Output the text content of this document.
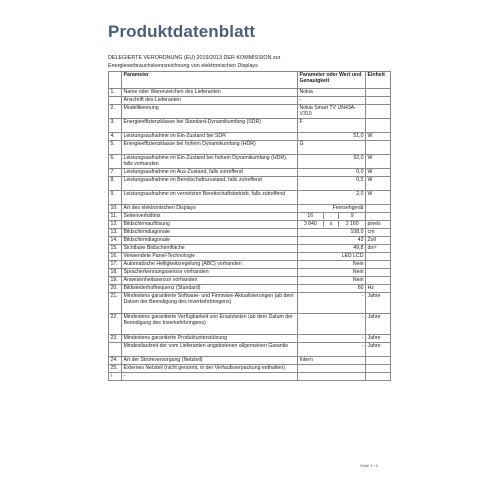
Produktdatenblatt
DELEGIERTE VERORDNUNG (EU) 2019/2013 DER KOMMISSION zur
Energieverbrauchskennzeichnung von elektronischen Displays
	Parameter	Parameter oder Wert und Genauigkeit	Einheit
1.	Name oder Warenzeichen des Lieferanten	Nokia	
	Anschrift des Lieferanten	-	
2.	Modellkennung	Nokia Smart TV UN43A-V310	
3.	Energieeffizienzklasse bei Standard-Dynamikumfang (SDR)	F	
4.	Leistungsaufnahme im Ein-Zustand bei SDR	51,0	W
5.	Energieeffizienzklasse bei hohem Dynamikumfang (HDR)	G	
6.	Leistungsaufnahme im Ein-Zustand bei hohem Dynamikumfang (HDR), falls vorhanden	92,0	W
7.	Leistungsaufnahme im Aus-Zustand, falls zutreffend	0,0	W
8.	Leistungsaufnahme im Bereitschaftszustand, falls zutreffend	0,5	W
9.	Leistungsaufnahme im vernetzten Bereitschaftsbetrieb, falls zutreffend	2,0	W
10.	Art des elektronischen Displays	Fernsehgerät	
11.	Seitenverhältnis	16 : 9	

12.	Bildschirmauflösung	3 840 x 2 160	pixels
13.	Bildschirmdiagonale	108,0	cm
14.	Bildschirmdiagonale	43	Zoll
15.	Sichtbare Bildschirmfläche	49,8	dm²
16.	Verwendete Panel-Technologie	LED LCD	
17.	Automatische Helligkeitsregelung (ABC) vorhanden	Nein	
18.	Spracherkennungssensor vorhanden	Nein	
19.	Anwesenheitssensor vorhanden	Nein	
20.	Bildwiederholfrequenz (Standard)	60	Hz
21.	Mindestens garantierte Software- und Firmware-Aktualisierungen (ab dem Datum der Beendigung des Inverkehrbringens)	-	Jahre
22.	Mindestens garantierte Verfügbarkeit von Ersatzteilen (ab dem Datum der Beendigung des Inverkehrbringens)	-	Jahre
23.	Mindestens garantierte Produktunterstützung	-	Jahre
	Mindestlaufzeit der vom Lieferanten angebotenen allgemeinen Garantie	-	Jahre
24.	Art der Stromversorgung (Netzteil)	Intern	
25.	Externes Netzteil (nicht genormt, in der Verfaufsverpackung enthalten)		
i	-		
Seite 1 / 2
